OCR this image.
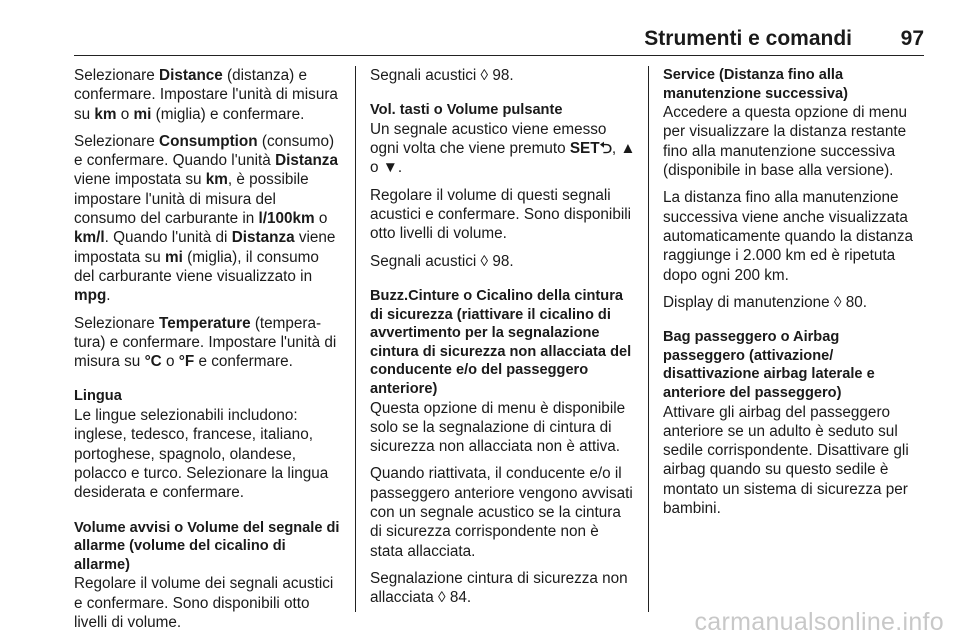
Strumenti e comandi 97

Selezionare Distance (distanza) e confermare. Impostare l'unità di misura su km o mi (miglia) e confermare.

Selezionare Consumption (consumo) e confermare. Quando l'unità Distanza viene impostata su km, è possibile impostare l'unità di misura del consumo del carburante in l/100km o km/l. Quando l'unità di Distanza viene impostata su mi (miglia), il consumo del carburante viene visualizzato in mpg.

Selezionare Temperature (temperatura) e confermare. Impostare l'unità di misura su °C o °F e confermare.

Lingua

Le lingue selezionabili includono: inglese, tedesco, francese, italiano, portoghese, spagnolo, olandese, polacco e turco. Selezionare la lingua desiderata e confermare.

Volume avvisi o Volume del segnale di allarme (volume del cicalino di allarme)

Regolare il volume dei segnali acustici e confermare. Sono disponibili otto livelli di volume.

Segnali acustici ◊ 98.

Vol. tasti o Volume pulsante

Un segnale acustico viene emesso ogni volta che viene premuto SET⮌, ▲ o ▼.

Regolare il volume di questi segnali acustici e confermare. Sono disponibili otto livelli di volume.

Segnali acustici ◊ 98.

Buzz.Cinture o Cicalino della cintura di sicurezza (riattivare il cicalino di avvertimento per la segnalazione cintura di sicurezza non allacciata del conducente e/o del passeggero anteriore)

Questa opzione di menu è disponibile solo se la segnalazione di cintura di sicurezza non allacciata non è attiva.

Quando riattivata, il conducente e/o il passeggero anteriore vengono avvisati con un segnale acustico se la cintura di sicurezza corrispondente non è stata allacciata.

Segnalazione cintura di sicurezza non allacciata ◊ 84.

Service (Distanza fino alla manutenzione successiva)

Accedere a questa opzione di menu per visualizzare la distanza restante fino alla manutenzione successiva (disponibile in base alla versione).

La distanza fino alla manutenzione successiva viene anche visualizzata automaticamente quando la distanza raggiunge i 2.000 km ed è ripetuta dopo ogni 200 km.

Display di manutenzione ◊ 80.

Bag passeggero o Airbag passeggero (attivazione/ disattivazione airbag laterale e anteriore del passeggero)

Attivare gli airbag del passeggero anteriore se un adulto è seduto sul sedile corrispondente. Disattivare gli airbag quando su questo sedile è montato un sistema di sicurezza per bambini.

carmanualsonline.info
